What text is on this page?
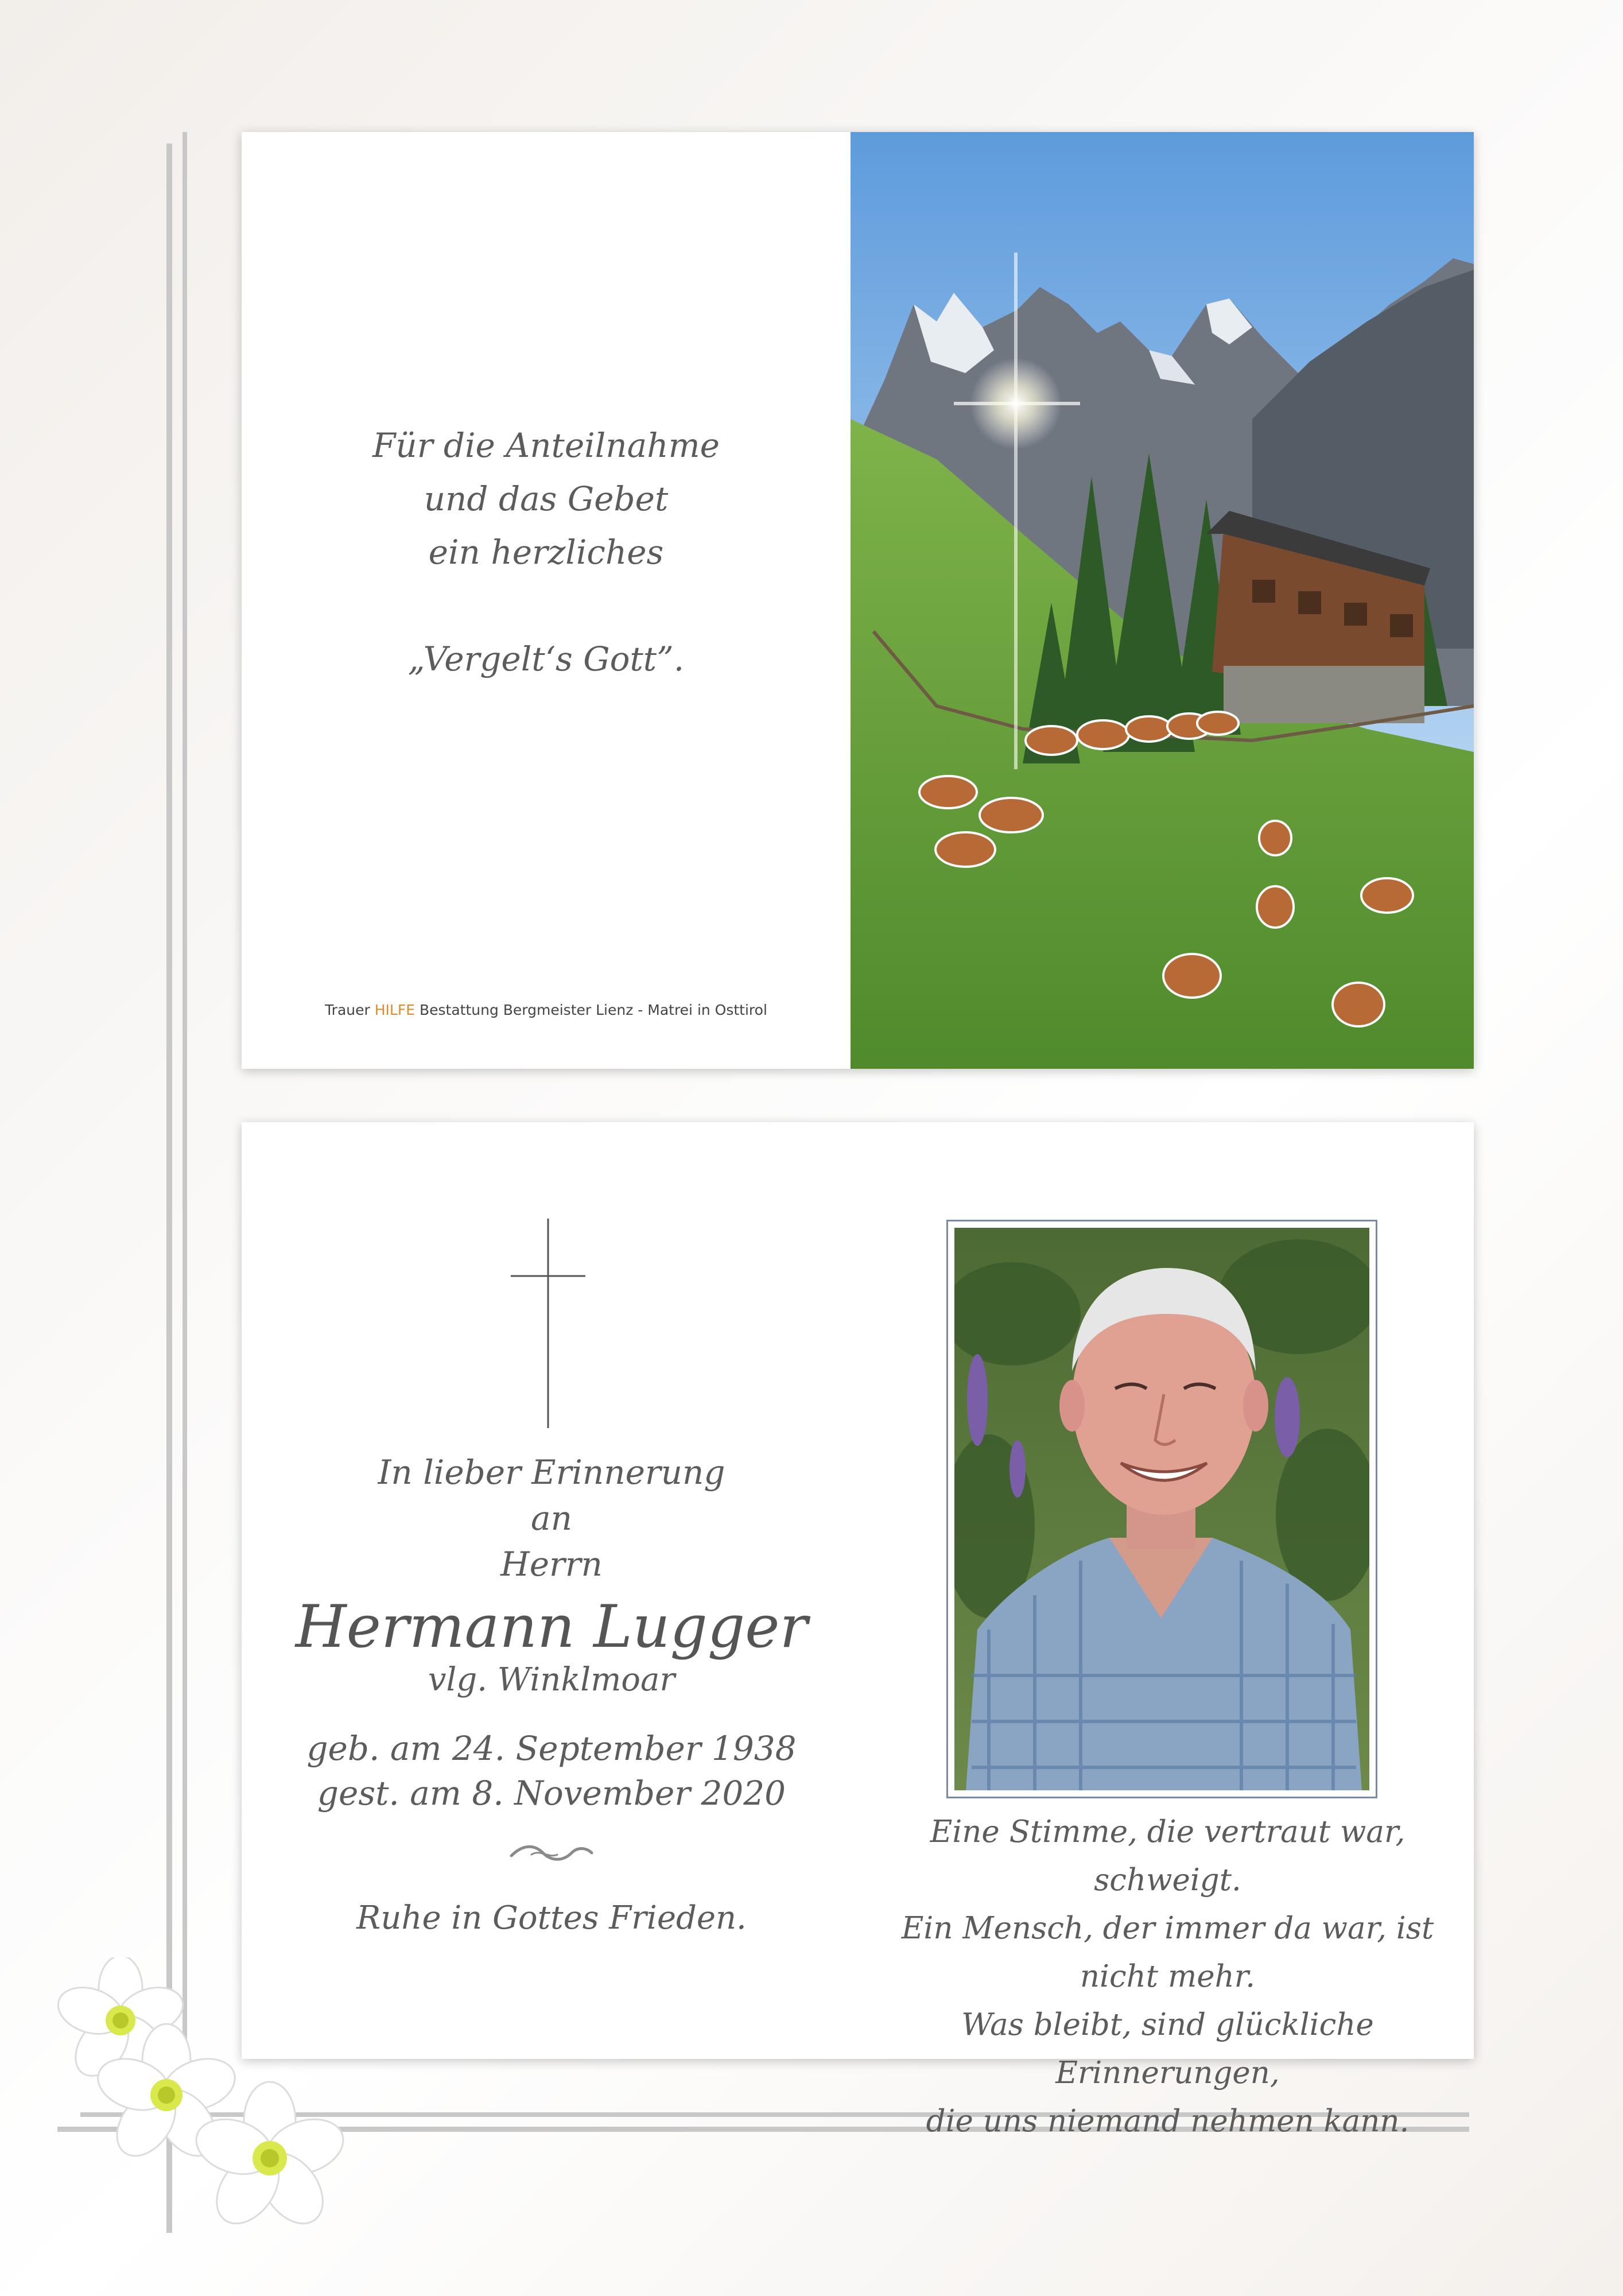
Für die Anteilnahme
und das Gebet
ein herzliches
„Vergelt‘s Gott”.
Trauer HILFE Bestattung Bergmeister Lienz - Matrei in Osttirol
In lieber Erinnerung
an
Herrn
Hermann Lugger
vlg. Winklmoar
geb. am 24. September 1938
gest. am 8. November 2020
Ruhe in Gottes Frieden.
Eine Stimme, die vertraut war, schweigt.
Ein Mensch, der immer da war, ist nicht mehr.
Was bleibt, sind glückliche Erinnerungen,
die uns niemand nehmen kann.
